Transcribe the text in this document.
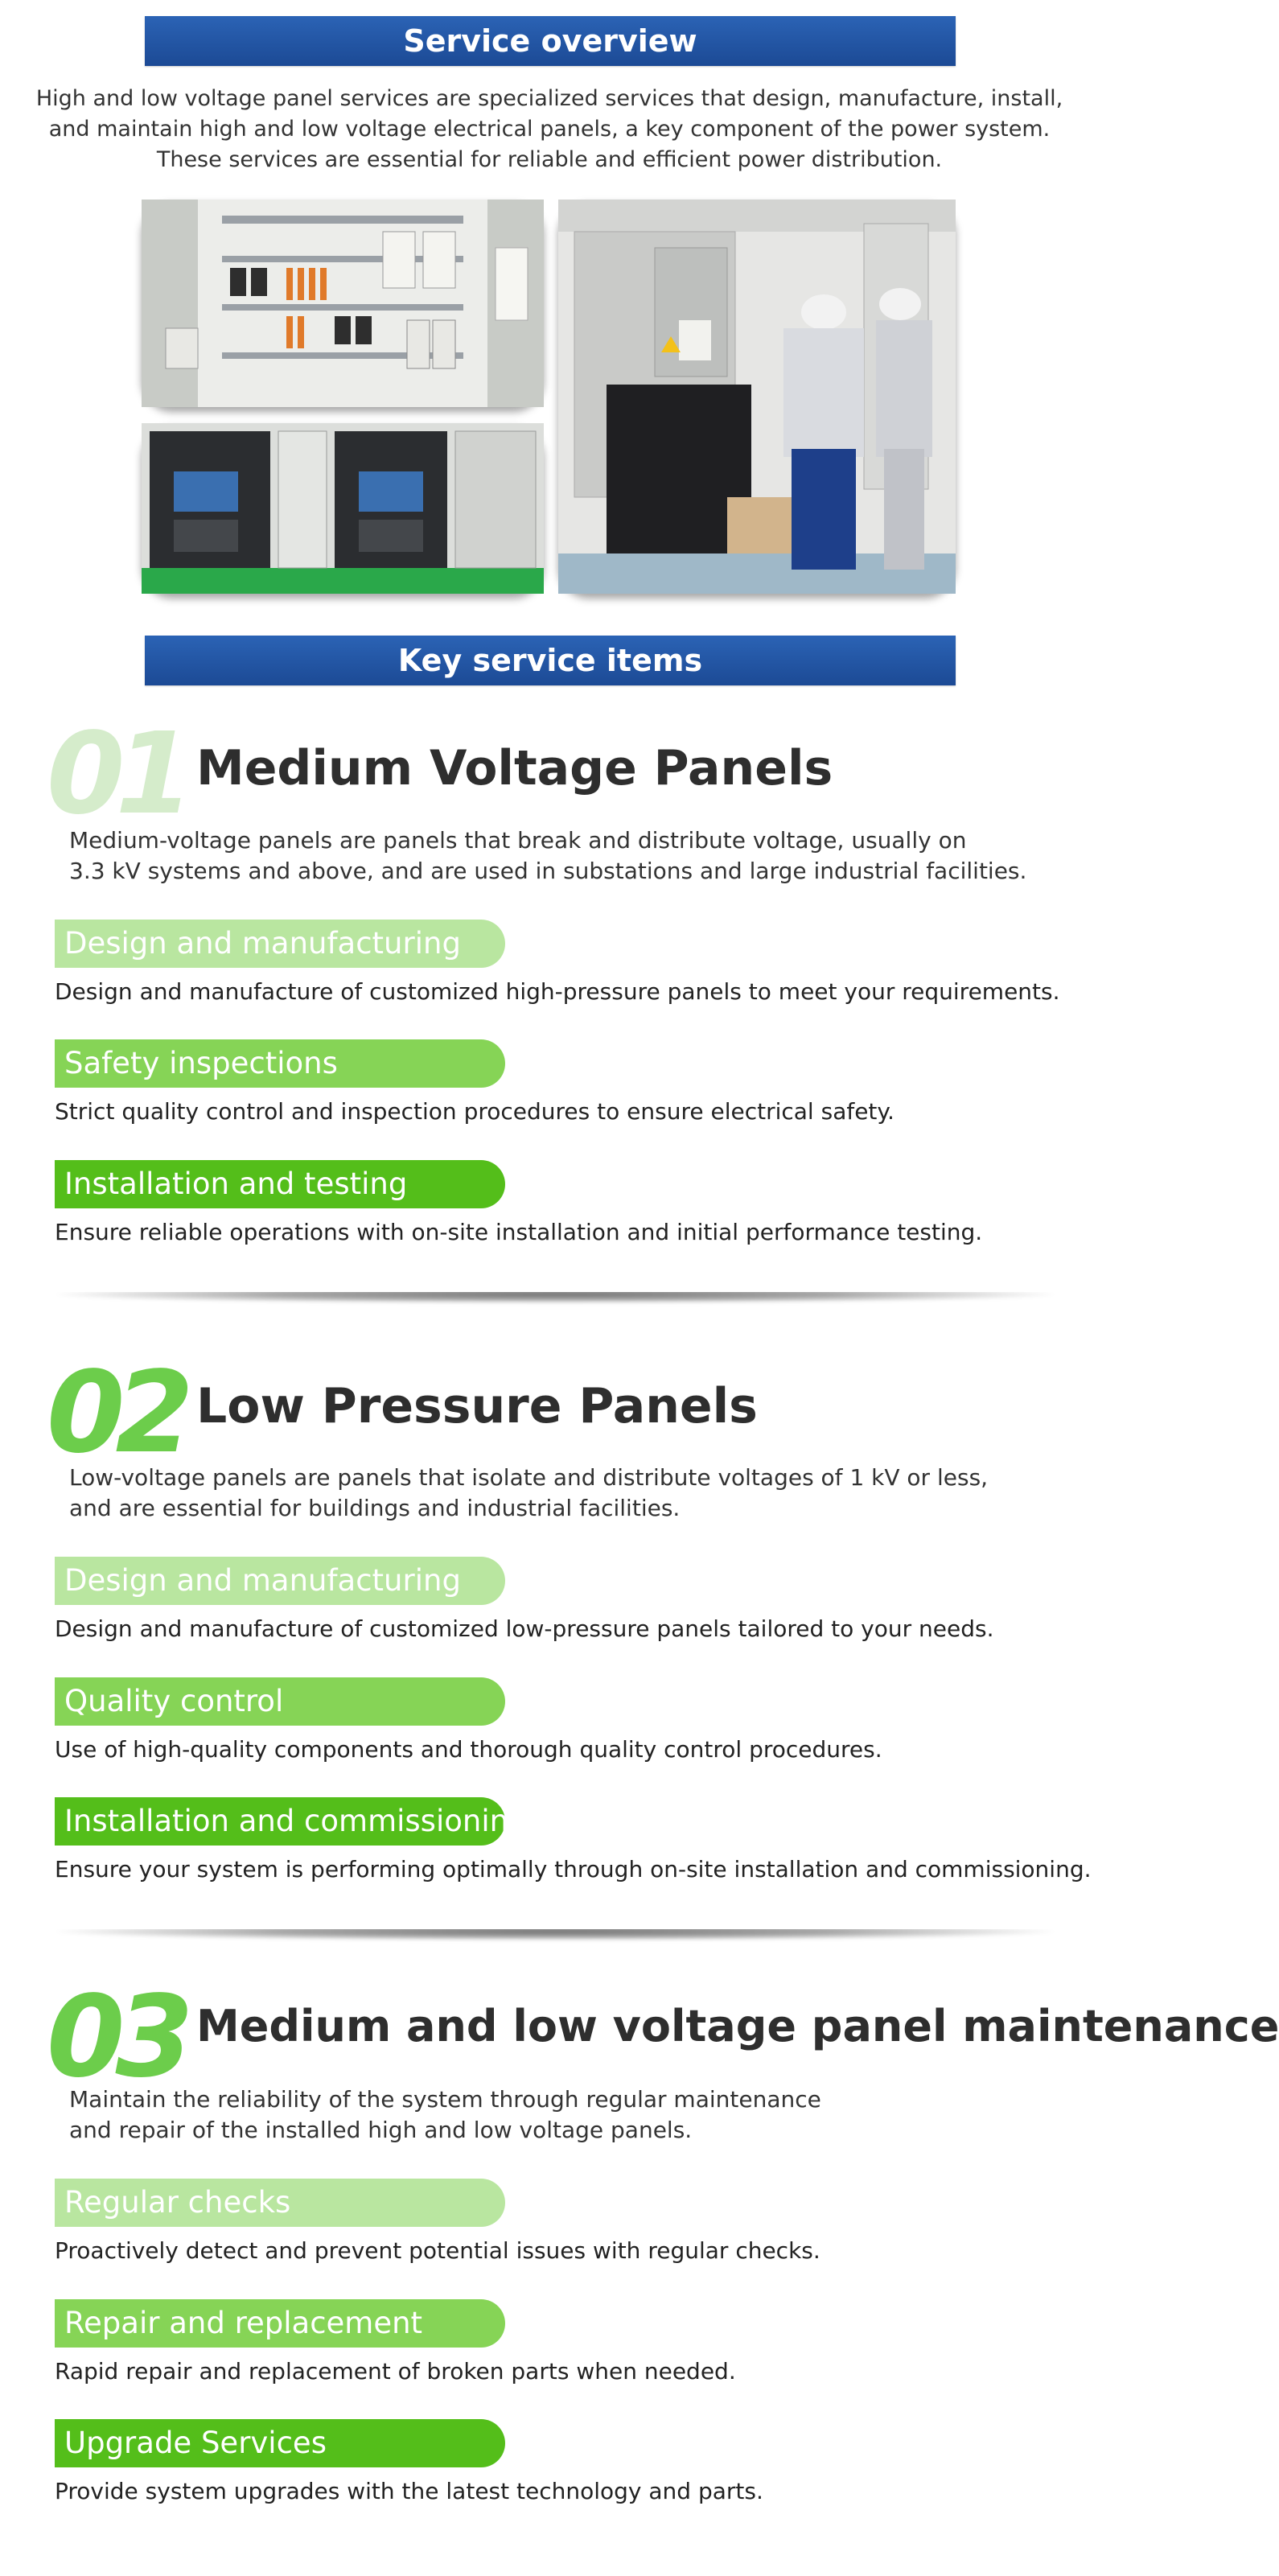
Service overview
High and low voltage panel services are specialized services that design, manufacture, install,
and maintain high and low voltage electrical panels, a key component of the power system.
These services are essential for reliable and efficient power distribution.
Key service items
01 Medium Voltage Panels
Medium-voltage panels are panels that break and distribute voltage, usually on
3.3 kV systems and above, and are used in substations and large industrial facilities.
Design and manufacturing
Design and manufacture of customized high-pressure panels to meet your requirements.
Safety inspections
Strict quality control and inspection procedures to ensure electrical safety.
Installation and testing
Ensure reliable operations with on-site installation and initial performance testing.
02 Low Pressure Panels
Low-voltage panels are panels that isolate and distribute voltages of 1 kV or less,
and are essential for buildings and industrial facilities.
Design and manufacturing
Design and manufacture of customized low-pressure panels tailored to your needs.
Quality control
Use of high-quality components and thorough quality control procedures.
Installation and commissioning
Ensure your system is performing optimally through on-site installation and commissioning.
03 Medium and low voltage panel maintenance
Maintain the reliability of the system through regular maintenance
and repair of the installed high and low voltage panels.
Regular checks
Proactively detect and prevent potential issues with regular checks.
Repair and replacement
Rapid repair and replacement of broken parts when needed.
Upgrade Services
Provide system upgrades with the latest technology and parts.
